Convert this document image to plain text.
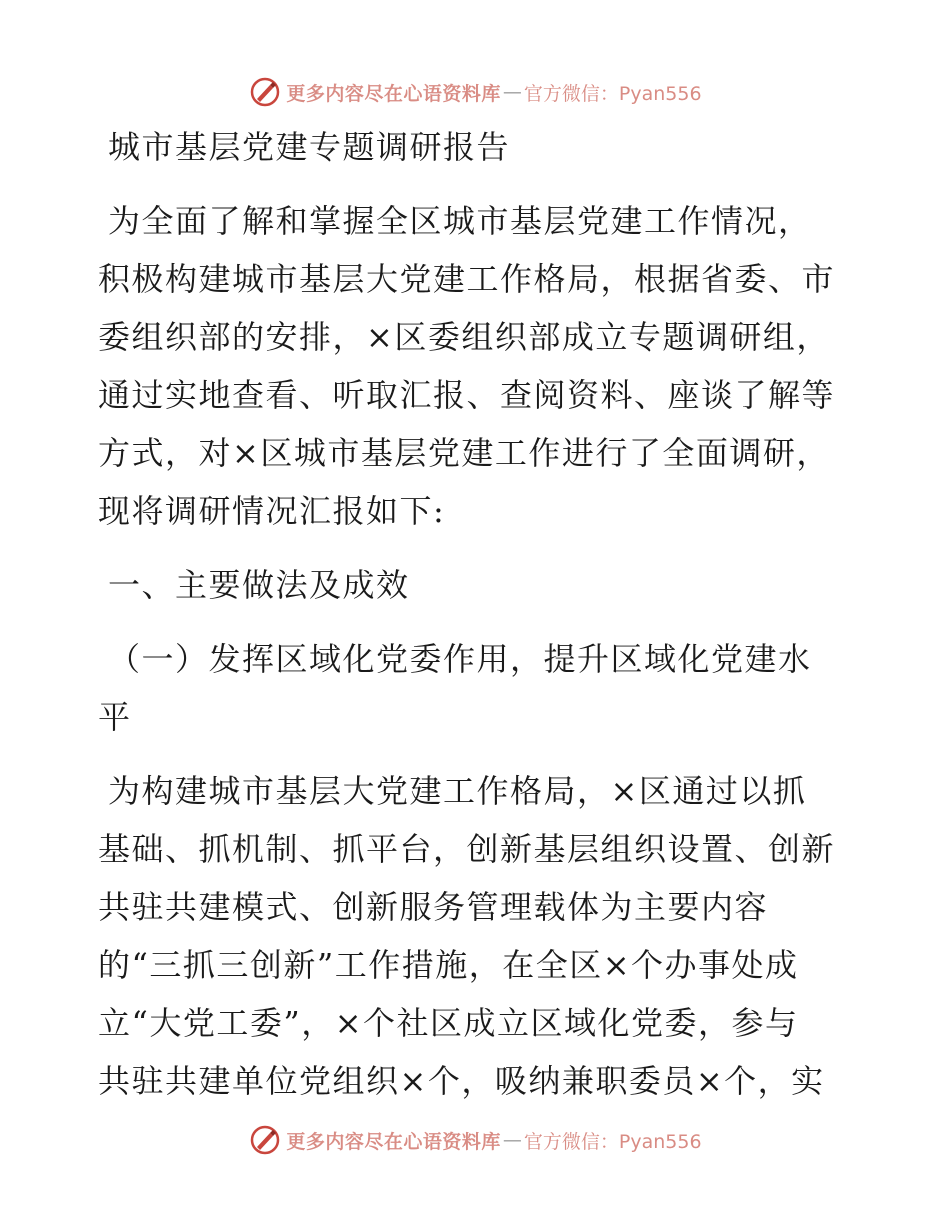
更多内容尽在心语资料库 — 官方微信：Pyan556
城市基层党建专题调研报告
为全面了解和掌握全区城市基层党建工作情况，
积极构建城市基层大党建工作格局，根据省委、市
委组织部的安排，×区委组织部成立专题调研组，
通过实地查看、听取汇报、查阅资料、座谈了解等
方式，对×区城市基层党建工作进行了全面调研，
现将调研情况汇报如下:
一、主要做法及成效
（一）发挥区域化党委作用，提升区域化党建水
平
为构建城市基层大党建工作格局，×区通过以抓
基础、抓机制、抓平台，创新基层组织设置、创新
共驻共建模式、创新服务管理载体为主要内容
的“三抓三创新”工作措施，在全区×个办事处成
立“大党工委”，×个社区成立区域化党委，参与
共驻共建单位党组织×个，吸纳兼职委员×个，实
更多内容尽在心语资料库 — 官方微信：Pyan556
